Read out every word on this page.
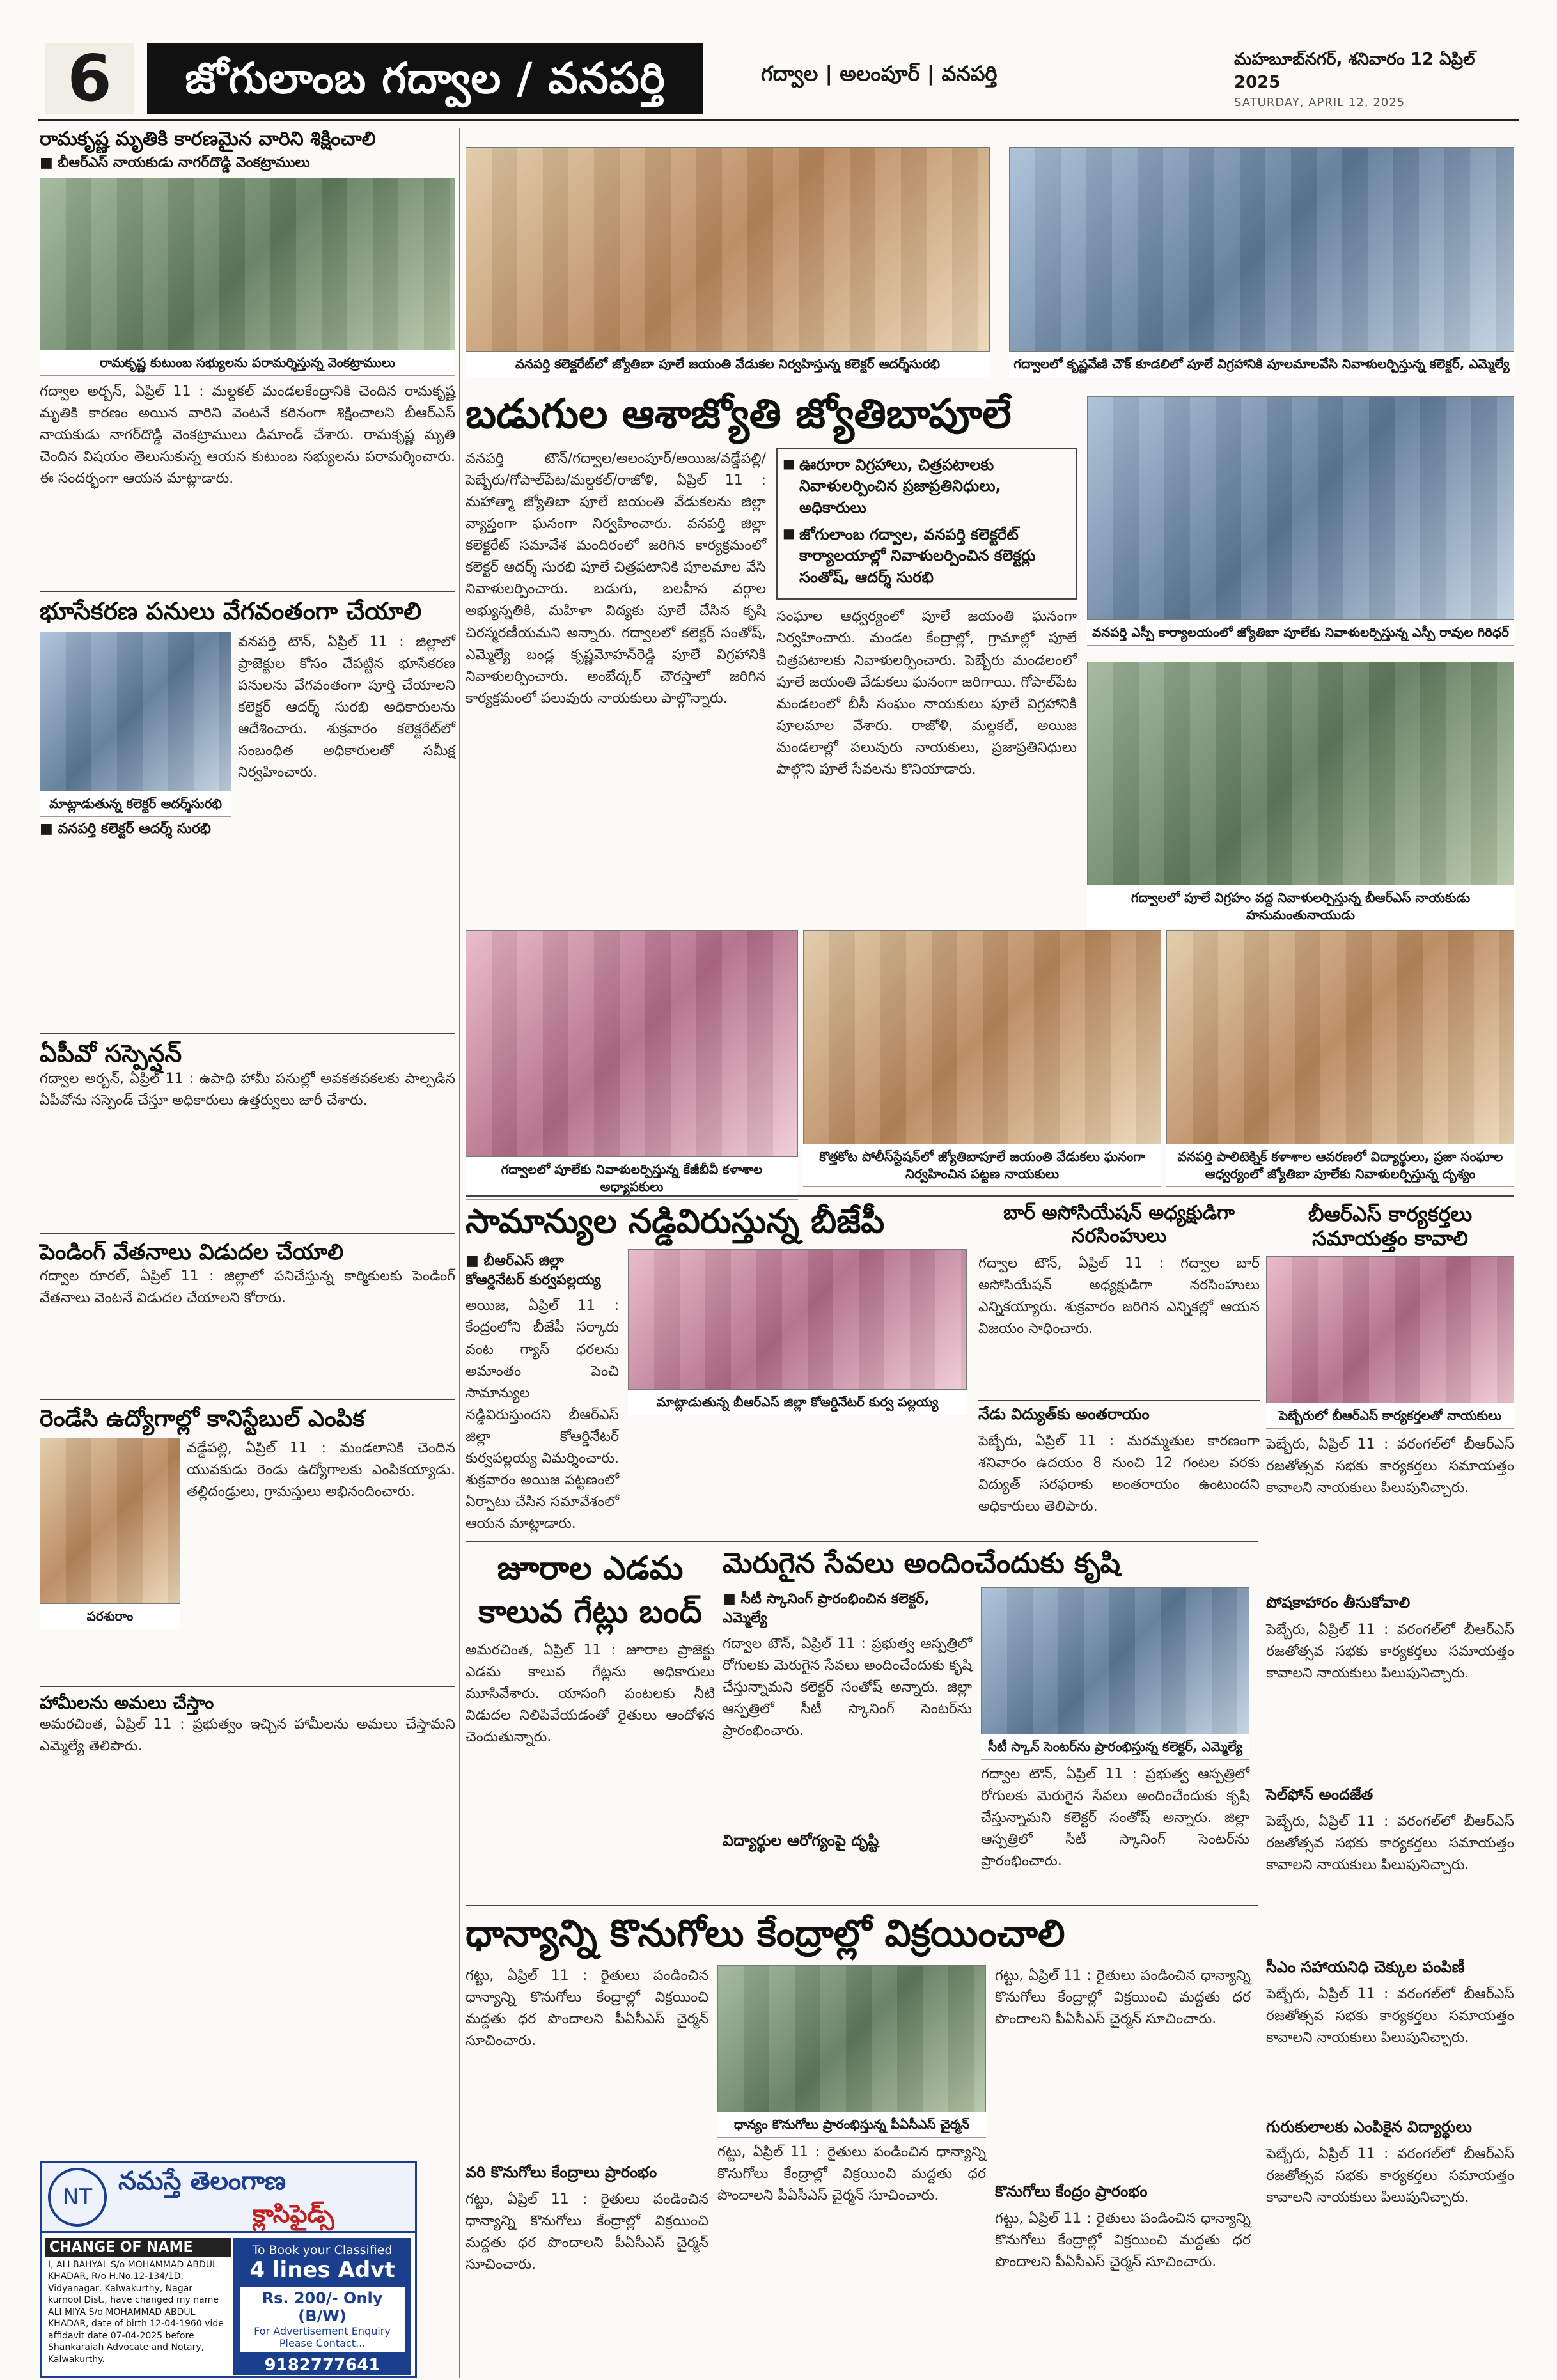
6	జోగులాంబ గద్వాల / వనపర్తి	గద్వాల | అలంపూర్ | వనపర్తి
మహబూబ్‌నగర్, శనివారం 12 ఏప్రిల్ 2025
SATURDAY, APRIL 12, 2025
రామకృష్ణ మృతికి కారణమైన వారిని శిక్షించాలి
■ బీఆర్ఎస్ నాయకుడు నాగర్‌దొడ్డి వెంకట్రాములు
రామకృష్ణ కుటుంబ సభ్యులను పరామర్శిస్తున్న వెంకట్రాములు
గద్వాల అర్బన్, ఏప్రిల్ 11 : మల్దకల్ మండలకేంద్రానికి చెందిన రామకృష్ణ మృతికి కారణం అయిన వారిని వెంటనే కఠినంగా శిక్షించాలని బీఆర్ఎస్ నాయకుడు నాగర్‌దొడ్డి వెంకట్రాములు డిమాండ్ చేశారు. రామకృష్ణ మృతి చెందిన విషయం తెలుసుకున్న ఆయన కుటుంబ సభ్యులను పరామర్శించారు. ఈ సందర్భంగా ఆయన మాట్లాడారు.
భూసేకరణ పనులు వేగవంతంగా చేయాలి
మాట్లాడుతున్న కలెక్టర్ ఆదర్శ్‌సురభి
■ వనపర్తి కలెక్టర్ ఆదర్శ్ సురభి
వనపర్తి టౌన్, ఏప్రిల్ 11 : జిల్లాలో ప్రాజెక్టుల కోసం చేపట్టిన భూసేకరణ పనులను వేగవంతంగా పూర్తి చేయాలని కలెక్టర్ ఆదర్శ్ సురభి అధికారులను ఆదేశించారు. శుక్రవారం కలెక్టరేట్‌లో సంబంధిత అధికారులతో సమీక్ష నిర్వహించారు.
ఏపీవో సస్పెన్షన్
గద్వాల అర్బన్, ఏప్రిల్ 11 : ఉపాధి హామీ పనుల్లో అవకతవకలకు పాల్పడిన ఏపీవోను సస్పెండ్ చేస్తూ అధికారులు ఉత్తర్వులు జారీ చేశారు.
పెండింగ్ వేతనాలు విడుదల చేయాలి
గద్వాల రూరల్, ఏప్రిల్ 11 : జిల్లాలో పనిచేస్తున్న కార్మికులకు పెండింగ్ వేతనాలు వెంటనే విడుదల చేయాలని కోరారు.
రెండేసి ఉద్యోగాల్లో కానిస్టేబుల్ ఎంపిక
పరశురాం
వడ్డేపల్లి, ఏప్రిల్ 11 : మండలానికి చెందిన యువకుడు రెండు ఉద్యోగాలకు ఎంపికయ్యాడు. తల్లిదండ్రులు, గ్రామస్తులు అభినందించారు.
హామీలను అమలు చేస్తాం
అమరచింత, ఏప్రిల్ 11 : ప్రభుత్వం ఇచ్చిన హామీలను అమలు చేస్తామని ఎమ్మెల్యే తెలిపారు.
వనపర్తి కలెక్టరేట్‌లో జ్యోతిబా పూలే జయంతి వేడుకల నిర్వహిస్తున్న కలెక్టర్ ఆదర్శ్‌సురభి	గద్వాలలో కృష్ణవేణి చౌక్ కూడలిలో పూలే విగ్రహానికి పూలమాలవేసి నివాళులర్పిస్తున్న కలెక్టర్, ఎమ్మెల్యే
బడుగుల ఆశాజ్యోతి జ్యోతిబాపూలే
వనపర్తి టౌన్/గద్వాల/అలంపూర్/అయిజ/వడ్డేపల్లి/పెబ్బేరు/గోపాల్‌పేట/మల్దకల్/రాజోళి, ఏప్రిల్ 11 : మహాత్మా జ్యోతిబా పూలే జయంతి వేడుకలను జిల్లా వ్యాప్తంగా ఘనంగా నిర్వహించారు. వనపర్తి జిల్లా కలెక్టరేట్ సమావేశ మందిరంలో జరిగిన కార్యక్రమంలో కలెక్టర్ ఆదర్శ్ సురభి పూలే చిత్రపటానికి పూలమాల వేసి నివాళులర్పించారు. బడుగు, బలహీన వర్గాల అభ్యున్నతికి, మహిళా విద్యకు పూలే చేసిన కృషి చిరస్మరణీయమని అన్నారు. గద్వాలలో కలెక్టర్ సంతోష్, ఎమ్మెల్యే బండ్ల కృష్ణమోహన్‌రెడ్డి పూలే విగ్రహానికి నివాళులర్పించారు. అంబేద్కర్ చౌరస్తాలో జరిగిన కార్యక్రమంలో పలువురు నాయకులు పాల్గొన్నారు.
■ ఊరూరా విగ్రహాలు, చిత్రపటాలకు నివాళులర్పించిన ప్రజాప్రతినిధులు, అధికారులు
■ జోగులాంబ గద్వాల, వనపర్తి కలెక్టరేట్ కార్యాలయాల్లో నివాళులర్పించిన కలెక్టర్లు సంతోష్, ఆదర్శ్ సురభి
సంఘాల ఆధ్వర్యంలో పూలే జయంతి ఘనంగా నిర్వహించారు. మండల కేంద్రాల్లో, గ్రామాల్లో పూలే చిత్రపటాలకు నివాళులర్పించారు. పెబ్బేరు మండలంలో పూలే జయంతి వేడుకలు ఘనంగా జరిగాయి. గోపాల్‌పేట మండలంలో బీసీ సంఘం నాయకులు పూలే విగ్రహానికి పూలమాల వేశారు. రాజోళి, మల్దకల్, అయిజ మండలాల్లో పలువురు నాయకులు, ప్రజాప్రతినిధులు పాల్గొని పూలే సేవలను కొనియాడారు.
వనపర్తి ఎస్పీ కార్యాలయంలో జ్యోతిబా పూలేకు నివాళులర్పిస్తున్న ఎస్పీ రావుల గిరిధర్
గద్వాలలో పూలే విగ్రహం వద్ద నివాళులర్పిస్తున్న బీఆర్ఎస్ నాయకుడు హనుమంతునాయుడు
గద్వాలలో పూలేకు నివాళులర్పిస్తున్న కేజీబీవీ కళాశాల అధ్యాపకులు
కొత్తకోట పోలీస్‌స్టేషన్‌లో జ్యోతిబాపూలే జయంతి వేడుకలు ఘనంగా నిర్వహించిన పట్టణ నాయకులు
వనపర్తి పాలిటెక్నిక్ కళాశాల ఆవరణలో విద్యార్థులు, ప్రజా సంఘాల ఆధ్వర్యంలో జ్యోతిబా పూలేకు నివాళులర్పిస్తున్న దృశ్యం
సామాన్యుల నడ్డివిరుస్తున్న బీజేపీ
■ బీఆర్ఎస్ జిల్లా కోఆర్డినేటర్ కుర్వపల్లయ్య
అయిజ, ఏప్రిల్ 11 : కేంద్రంలోని బీజేపీ సర్కారు వంట గ్యాస్ ధరలను అమాంతం పెంచి సామాన్యుల నడ్డివిరుస్తుందని బీఆర్ఎస్ జిల్లా కోఆర్డినేటర్ కుర్వపల్లయ్య విమర్శించారు. శుక్రవారం అయిజ పట్టణంలో ఏర్పాటు చేసిన సమావేశంలో ఆయన మాట్లాడారు.
మాట్లాడుతున్న బీఆర్ఎస్ జిల్లా కోఆర్డినేటర్ కుర్వ పల్లయ్య
బార్ అసోసియేషన్ అధ్యక్షుడిగా నరసింహులు
గద్వాల టౌన్, ఏప్రిల్ 11 : గద్వాల బార్ అసోసియేషన్ అధ్యక్షుడిగా నరసింహులు ఎన్నికయ్యారు. శుక్రవారం జరిగిన ఎన్నికల్లో ఆయన విజయం సాధించారు.
నేడు విద్యుత్‌కు అంతరాయం
పెబ్బేరు, ఏప్రిల్ 11 : మరమ్మతుల కారణంగా శనివారం ఉదయం 8 నుంచి 12 గంటల వరకు విద్యుత్ సరఫరాకు అంతరాయం ఉంటుందని అధికారులు తెలిపారు.
బీఆర్ఎస్ కార్యకర్తలు సమాయత్తం కావాలి
పెబ్బేరులో బీఆర్ఎస్ కార్యకర్తలతో నాయకులు
పెబ్బేరు, ఏప్రిల్ 11 : వరంగల్‌లో బీఆర్ఎస్ రజతోత్సవ సభకు కార్యకర్తలు సమాయత్తం కావాలని నాయకులు పిలుపునిచ్చారు.
పోషకాహారం తీసుకోవాలి
పెబ్బేరు, ఏప్రిల్ 11 : వరంగల్‌లో బీఆర్ఎస్ రజతోత్సవ సభకు కార్యకర్తలు సమాయత్తం కావాలని నాయకులు పిలుపునిచ్చారు.
సెల్‌ఫోన్ అందజేత
పెబ్బేరు, ఏప్రిల్ 11 : వరంగల్‌లో బీఆర్ఎస్ రజతోత్సవ సభకు కార్యకర్తలు సమాయత్తం కావాలని నాయకులు పిలుపునిచ్చారు.
సీఎం సహాయనిధి చెక్కుల పంపిణీ
పెబ్బేరు, ఏప్రిల్ 11 : వరంగల్‌లో బీఆర్ఎస్ రజతోత్సవ సభకు కార్యకర్తలు సమాయత్తం కావాలని నాయకులు పిలుపునిచ్చారు.
గురుకులాలకు ఎంపికైన విద్యార్థులు
పెబ్బేరు, ఏప్రిల్ 11 : వరంగల్‌లో బీఆర్ఎస్ రజతోత్సవ సభకు కార్యకర్తలు సమాయత్తం కావాలని నాయకులు పిలుపునిచ్చారు.
జూరాల ఎడమ కాలువ గేట్లు బంద్
అమరచింత, ఏప్రిల్ 11 : జూరాల ప్రాజెక్టు ఎడమ కాలువ గేట్లను అధికారులు మూసివేశారు. యాసంగి పంటలకు నీటి విడుదల నిలిపివేయడంతో రైతులు ఆందోళన చెందుతున్నారు.
మెరుగైన సేవలు అందించేందుకు కృషి
■ సీటీ స్కానింగ్ ప్రారంభించిన కలెక్టర్, ఎమ్మెల్యే
గద్వాల టౌన్, ఏప్రిల్ 11 : ప్రభుత్వ ఆస్పత్రిలో రోగులకు మెరుగైన సేవలు అందించేందుకు కృషి చేస్తున్నామని కలెక్టర్ సంతోష్ అన్నారు. జిల్లా ఆస్పత్రిలో సీటీ స్కానింగ్ సెంటర్‌ను ప్రారంభించారు.
విద్యార్థుల ఆరోగ్యంపై దృష్టి
సీటీ స్కాన్ సెంటర్‌ను ప్రారంభిస్తున్న కలెక్టర్, ఎమ్మెల్యే
గద్వాల టౌన్, ఏప్రిల్ 11 : ప్రభుత్వ ఆస్పత్రిలో రోగులకు మెరుగైన సేవలు అందించేందుకు కృషి చేస్తున్నామని కలెక్టర్ సంతోష్ అన్నారు. జిల్లా ఆస్పత్రిలో సీటీ స్కానింగ్ సెంటర్‌ను ప్రారంభించారు.
ధాన్యాన్ని కొనుగోలు కేంద్రాల్లో విక్రయించాలి
గట్టు, ఏప్రిల్ 11 : రైతులు పండించిన ధాన్యాన్ని కొనుగోలు కేంద్రాల్లో విక్రయించి మద్దతు ధర పొందాలని పీఏసీఎస్ చైర్మన్ సూచించారు.
వరి కొనుగోలు కేంద్రాలు ప్రారంభం
గట్టు, ఏప్రిల్ 11 : రైతులు పండించిన ధాన్యాన్ని కొనుగోలు కేంద్రాల్లో విక్రయించి మద్దతు ధర పొందాలని పీఏసీఎస్ చైర్మన్ సూచించారు.
ధాన్యం కొనుగోలు ప్రారంభిస్తున్న పీఏసీఎస్ చైర్మన్
గట్టు, ఏప్రిల్ 11 : రైతులు పండించిన ధాన్యాన్ని కొనుగోలు కేంద్రాల్లో విక్రయించి మద్దతు ధర పొందాలని పీఏసీఎస్ చైర్మన్ సూచించారు.
గట్టు, ఏప్రిల్ 11 : రైతులు పండించిన ధాన్యాన్ని కొనుగోలు కేంద్రాల్లో విక్రయించి మద్దతు ధర పొందాలని పీఏసీఎస్ చైర్మన్ సూచించారు.
కొనుగోలు కేంద్రం ప్రారంభం
గట్టు, ఏప్రిల్ 11 : రైతులు పండించిన ధాన్యాన్ని కొనుగోలు కేంద్రాల్లో విక్రయించి మద్దతు ధర పొందాలని పీఏసీఎస్ చైర్మన్ సూచించారు.
NT
నమస్తే తెలంగాణ
క్లాసిఫైడ్స్
CHANGE OF NAME
I, ALI BAHYAL S/o MOHAMMAD ABDUL KHADAR, R/o H.No.12-134/1D, Vidyanagar, Kalwakurthy, Nagar kurnool Dist., have changed my name ALI MIYA S/o MOHAMMAD ABDUL KHADAR, date of birth 12-04-1960 vide affidavit date 07-04-2025 before Shankaraiah Advocate and Notary, Kalwakurthy.
To Book your Classified
4 lines Advt
Rs. 200/- Only (B/W)
For Advertisement Enquiry Please Contact...
9182777641
